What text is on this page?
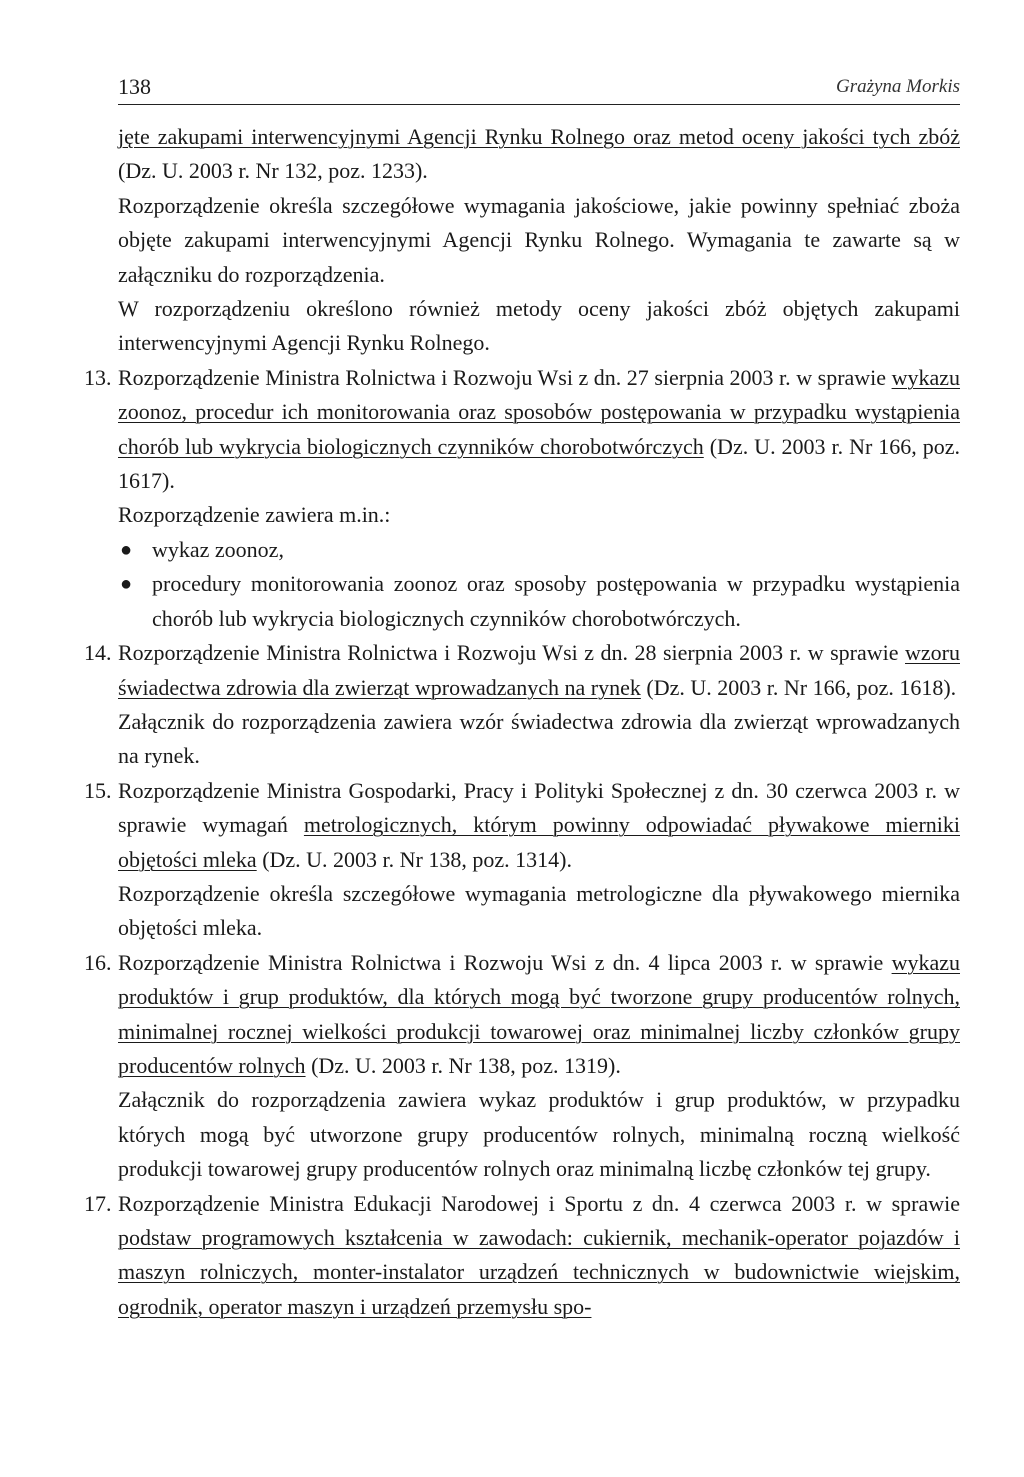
138	Grażyna Morkis

jęte zakupami interwencyjnymi Agencji Rynku Rolnego oraz metod oceny jakości tych zbóż (Dz. U. 2003 r. Nr 132, poz. 1233).

Rozporządzenie określa szczegółowe wymagania jakościowe, jakie powinny spełniać zboża objęte zakupami interwencyjnymi Agencji Rynku Rolnego. Wymagania te zawarte są w załączniku do rozporządzenia.

W rozporządzeniu określono również metody oceny jakości zbóż objętych zakupami interwencyjnymi Agencji Rynku Rolnego.

13. Rozporządzenie Ministra Rolnictwa i Rozwoju Wsi z dn. 27 sierpnia 2003 r. w sprawie wykazu zoonoz, procedur ich monitorowania oraz sposobów postępowania w przypadku wystąpienia chorób lub wykrycia biologicznych czynników chorobotwórczych (Dz. U. 2003 r. Nr 166, poz. 1617).

Rozporządzenie zawiera m.in.:

● wykaz zoonoz,
● procedury monitorowania zoonoz oraz sposoby postępowania w przypadku wystąpienia chorób lub wykrycia biologicznych czynników chorobotwórczych.
14. Rozporządzenie Ministra Rolnictwa i Rozwoju Wsi z dn. 28 sierpnia 2003 r. w sprawie wzoru świadectwa zdrowia dla zwierząt wprowadzanych na rynek (Dz. U. 2003 r. Nr 166, poz. 1618).

Załącznik do rozporządzenia zawiera wzór świadectwa zdrowia dla zwierząt wprowadzanych na rynek.

15. Rozporządzenie Ministra Gospodarki, Pracy i Polityki Społecznej z dn. 30 czerwca 2003 r. w sprawie wymagań metrologicznych, którym powinny odpowiadać pływakowe mierniki objętości mleka (Dz. U. 2003 r. Nr 138, poz. 1314).

Rozporządzenie określa szczegółowe wymagania metrologiczne dla pływakowego miernika objętości mleka.

16. Rozporządzenie Ministra Rolnictwa i Rozwoju Wsi z dn. 4 lipca 2003 r. w sprawie wykazu produktów i grup produktów, dla których mogą być tworzone grupy producentów rolnych, minimalnej rocznej wielkości produkcji towarowej oraz minimalnej liczby członków grupy producentów rolnych (Dz. U. 2003 r. Nr 138, poz. 1319).

Załącznik do rozporządzenia zawiera wykaz produktów i grup produktów, w przypadku których mogą być utworzone grupy producentów rolnych, minimalną roczną wielkość produkcji towarowej grupy producentów rolnych oraz minimalną liczbę członków tej grupy.

17. Rozporządzenie Ministra Edukacji Narodowej i Sportu z dn. 4 czerwca 2003 r. w sprawie podstaw programowych kształcenia w zawodach: cukiernik, mechanik-operator pojazdów i maszyn rolniczych, monter-instalator urządzeń technicznych w budownictwie wiejskim, ogrodnik, operator maszyn i urządzeń przemysłu spo-
